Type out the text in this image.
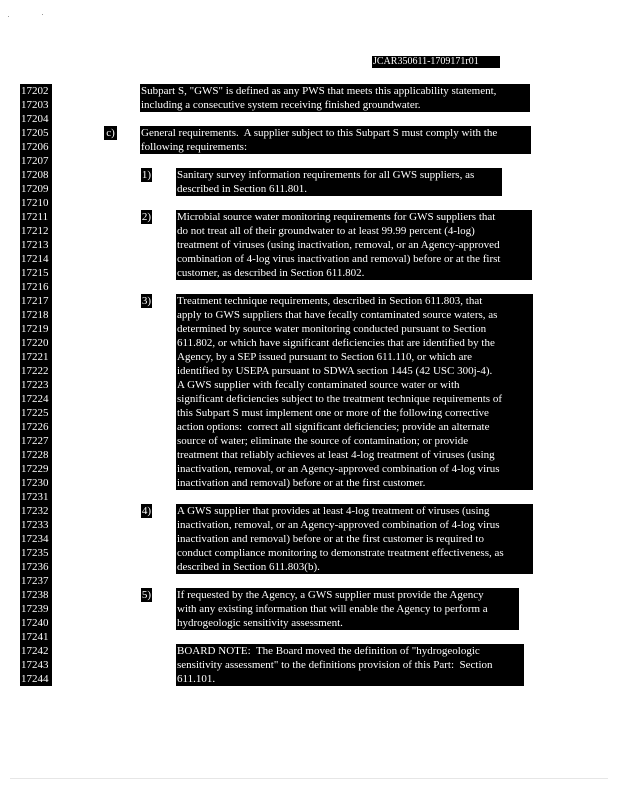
JCAR350611-1709171r01
17202
17203
17204
17205
17206
17207
17208
17209
17210
17211
17212
17213
17214
17215
17216
17217
17218
17219
17220
17221
17222
17223
17224
17225
17226
17227
17228
17229
17230
17231
17232
17233
17234
17235
17236
17237
17238
17239
17240
17241
17242
17243
17244
Subpart S, "GWS" is defined as any PWS that meets this applicability statement,
including a consecutive system receiving finished groundwater.
c) General requirements.  A supplier subject to this Subpart S must comply with the
following requirements:
1) Sanitary survey information requirements for all GWS suppliers, as
described in Section 611.801.
2) Microbial source water monitoring requirements for GWS suppliers that
do not treat all of their groundwater to at least 99.99 percent (4-log)
treatment of viruses (using inactivation, removal, or an Agency-approved
combination of 4-log virus inactivation and removal) before or at the first
customer, as described in Section 611.802.
3) Treatment technique requirements, described in Section 611.803, that
apply to GWS suppliers that have fecally contaminated source waters, as
determined by source water monitoring conducted pursuant to Section
611.802, or which have significant deficiencies that are identified by the
Agency, by a SEP issued pursuant to Section 611.110, or which are
identified by USEPA pursuant to SDWA section 1445 (42 USC 300j-4).
A GWS supplier with fecally contaminated source water or with
significant deficiencies subject to the treatment technique requirements of
this Subpart S must implement one or more of the following corrective
action options:  correct all significant deficiencies; provide an alternate
source of water; eliminate the source of contamination; or provide
treatment that reliably achieves at least 4-log treatment of viruses (using
inactivation, removal, or an Agency-approved combination of 4-log virus
inactivation and removal) before or at the first customer.
4) A GWS supplier that provides at least 4-log treatment of viruses (using
inactivation, removal, or an Agency-approved combination of 4-log virus
inactivation and removal) before or at the first customer is required to
conduct compliance monitoring to demonstrate treatment effectiveness, as
described in Section 611.803(b).
5) If requested by the Agency, a GWS supplier must provide the Agency
with any existing information that will enable the Agency to perform a
hydrogeologic sensitivity assessment.
BOARD NOTE:  The Board moved the definition of "hydrogeologic
sensitivity assessment" to the definitions provision of this Part:  Section
611.101.
